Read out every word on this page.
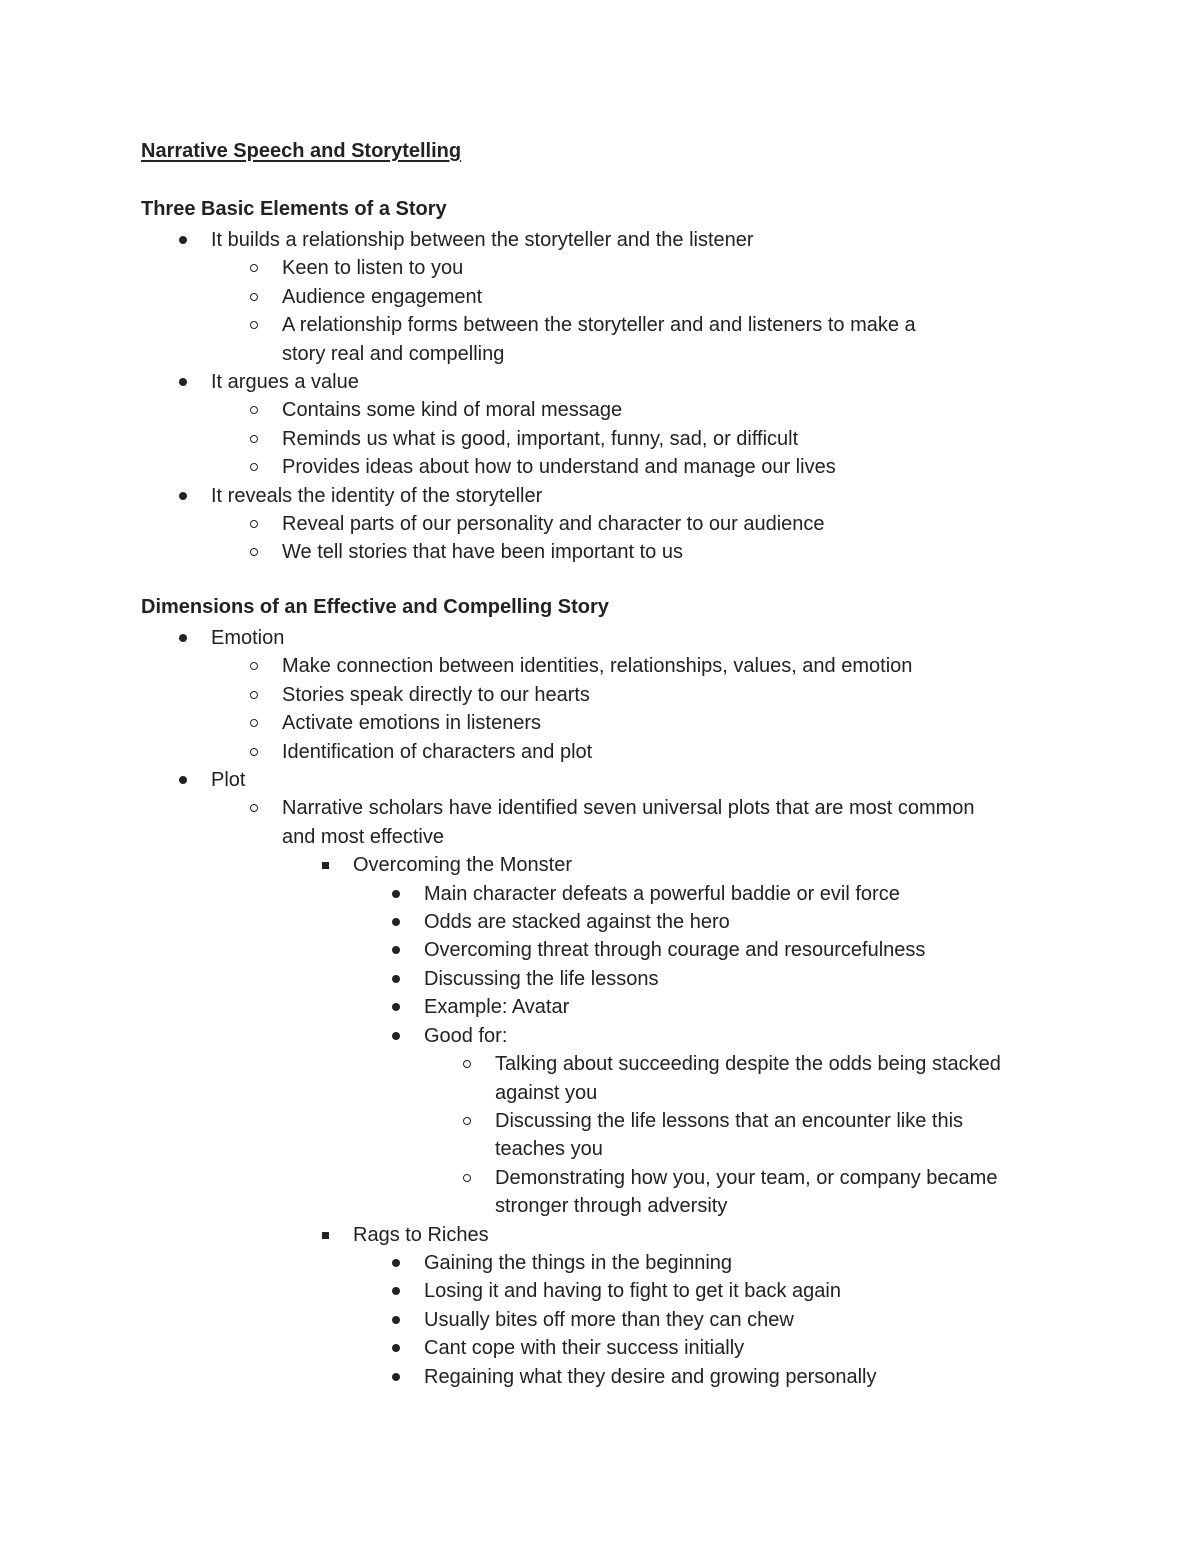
Narrative Speech and Storytelling
Three Basic Elements of a Story
It builds a relationship between the storyteller and the listener
Keen to listen to you
Audience engagement
A relationship forms between the storyteller and and listeners to make a story real and compelling
It argues a value
Contains some kind of moral message
Reminds us what is good, important, funny, sad, or difficult
Provides ideas about how to understand and manage our lives
It reveals the identity of the storyteller
Reveal parts of our personality and character to our audience
We tell stories that have been important to us
Dimensions of an Effective and Compelling Story
Emotion
Make connection between identities, relationships, values, and emotion
Stories speak directly to our hearts
Activate emotions in listeners
Identification of characters and plot
Plot
Narrative scholars have identified seven universal plots that are most common and most effective
Overcoming the Monster
Main character defeats a powerful baddie or evil force
Odds are stacked against the hero
Overcoming threat through courage and resourcefulness
Discussing the life lessons
Example: Avatar
Good for:
Talking about succeeding despite the odds being stacked against you
Discussing the life lessons that an encounter like this teaches you
Demonstrating how you, your team, or company became stronger through adversity
Rags to Riches
Gaining the things in the beginning
Losing it and having to fight to get it back again
Usually bites off more than they can chew
Cant cope with their success initially
Regaining what they desire and growing personally
